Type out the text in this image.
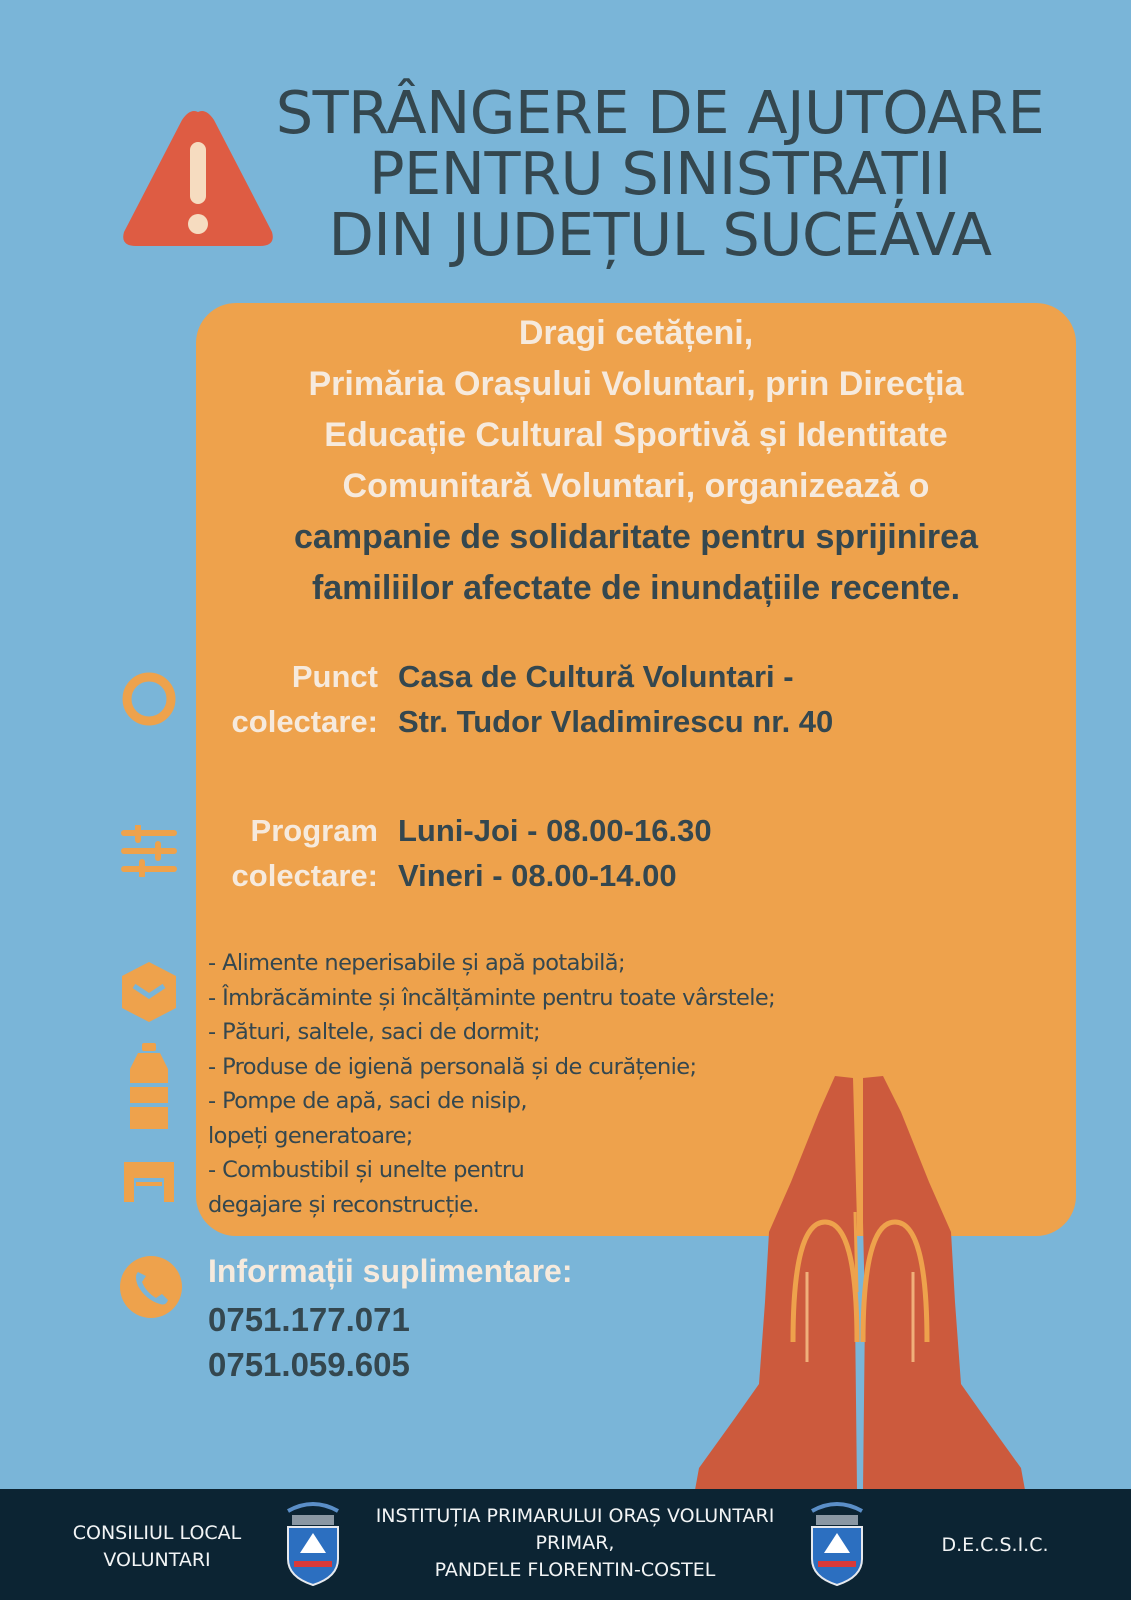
STRÂNGERE DE AJUTOARE
PENTRU SINISTRAȚII
DIN JUDEȚUL SUCEAVA
Dragi cetățeni,
Primăria Orașului Voluntari, prin Direcția
Educație Cultural Sportivă și Identitate
Comunitară Voluntari, organizează o
campanie de solidaritate pentru sprijinirea
familiilor afectate de inundațiile recente.
Punct
colectare:
Casa de Cultură Voluntari -
Str. Tudor Vladimirescu nr. 40
Program
colectare:
Luni-Joi - 08.00-16.30
Vineri - 08.00-14.00
- Alimente neperisabile și apă potabilă;
- Îmbrăcăminte și încălțăminte pentru toate vârstele;
- Pături, saltele, saci de dormit;
- Produse de igienă personală și de curățenie;
- Pompe de apă, saci de nisip,
lopeți generatoare;
- Combustibil și unelte pentru
degajare și reconstrucție.
Informații suplimentare:
0751.177.071
0751.059.605
CONSILIUL LOCAL
VOLUNTARI
INSTITUȚIA PRIMARULUI ORAȘ VOLUNTARI
PRIMAR,
PANDELE FLORENTIN-COSTEL
D.E.C.S.I.C.
